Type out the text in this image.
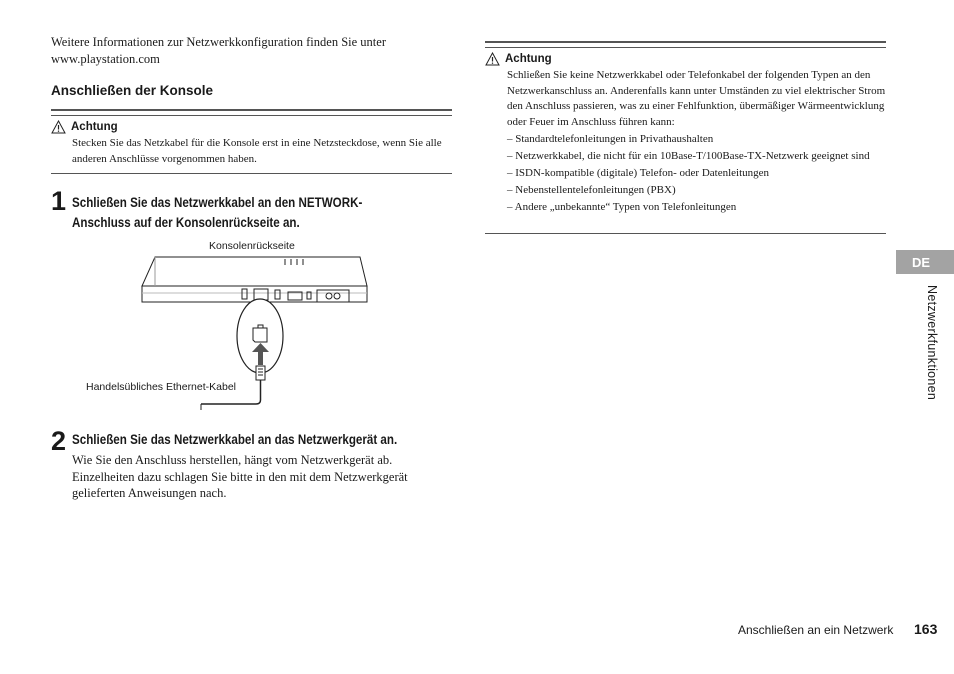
Weitere Informationen zur Netzwerkkonfiguration finden Sie unter
www.playstation.com
Anschließen der Konsole
Achtung
Stecken Sie das Netzkabel für die Konsole erst in eine Netzsteckdose, wenn Sie alle anderen Anschlüsse vorgenommen haben.
1 Schließen Sie das Netzwerkkabel an den NETWORK-
Anschluss auf der Konsolenrückseite an.
Konsolenrückseite
Handelsübliches Ethernet-Kabel
2 Schließen Sie das Netzwerkkabel an das Netzwerkgerät an.
Wie Sie den Anschluss herstellen, hängt vom Netzwerkgerät ab. Einzelheiten dazu schlagen Sie bitte in den mit dem Netzwerkgerät gelieferten Anweisungen nach.
Achtung
Schließen Sie keine Netzwerkkabel oder Telefonkabel der folgenden Typen an den Netzwerkanschluss an. Anderenfalls kann unter Umständen zu viel elektrischer Strom den Anschluss passieren, was zu einer Fehlfunktion, übermäßiger Wärmeentwicklung oder Feuer im Anschluss führen kann:
– Standardtelefonleitungen in Privathaushalten
– Netzwerkkabel, die nicht für ein 10Base-T/100Base-TX-Netzwerk geeignet sind
– ISDN-kompatible (digitale) Telefon- oder Datenleitungen
– Nebenstellentelefonleitungen (PBX)
– Andere „unbekannte“ Typen von Telefonleitungen
DE
Netzwerkfunktionen
Anschließen an ein Netzwerk 163
